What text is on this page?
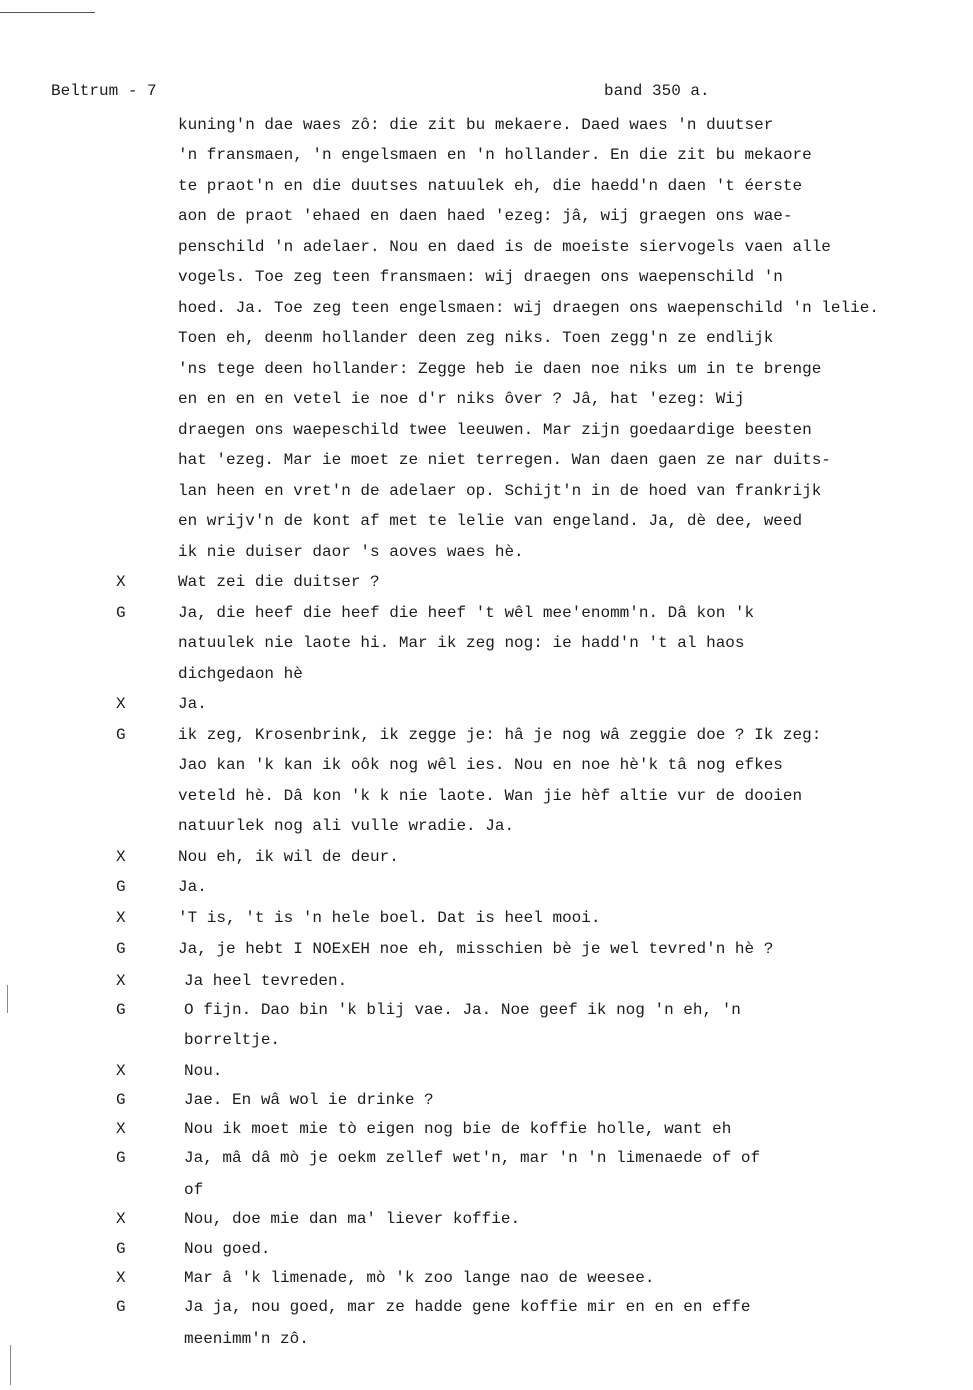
Beltrum - 7	band 350 a.
kuning'n dae waes zô: die zit bu mekaere. Daed waes 'n duutser
'n fransmaen, 'n engelsmaen en 'n hollander. En die zit bu mekaore
te praot'n en die duutses natuulek eh, die haedd'n daen 't éerste
aon de praot 'ehaed en daen haed 'ezeg: jâ, wij graegen ons wae-
penschild 'n adelaer. Nou en daed is de moeiste siervogels vaen alle
vogels. Toe zeg teen fransmaen: wij draegen ons waepenschild 'n
hoed. Ja. Toe zeg teen engelsmaen: wij draegen ons waepenschild 'n lelie.
Toen eh, deenm hollander deen zeg niks. Toen zegg'n ze endlijk
'ns tege deen hollander: Zegge heb ie daen noe niks um in te brenge
en en en en vetel ie noe d'r niks ôver ? Jâ, hat 'ezeg: Wij
draegen ons waepeschild twee leeuwen. Mar zijn goedaardige beesten
hat 'ezeg. Mar ie moet ze niet terregen. Wan daen gaen ze nar duits-
lan heen en vret'n de adelaer op. Schijt'n in de hoed van frankrijk
en wrijv'n de kont af met te lelie van engeland. Ja, dè dee, weed
ik nie duiser daor 's aoves waes hè.
X	Wat zei die duitser ?
G	Ja, die heef die heef die heef 't wêl mee'enomm'n. Dâ kon 'k
natuulek nie laote hi. Mar ik zeg nog: ie hadd'n 't al haos
dichgedaon hè
X	Ja.
G	ik zeg, Krosenbrink, ik zegge je: hâ je nog wâ zeggie doe ? Ik zeg:
Jao kan 'k kan ik oôk nog wêl ies. Nou en noe hè'k tâ nog efkes
veteld hè. Dâ kon 'k k nie laote. Wan jie hèf altie vur de dooien
natuurlek nog ali vulle wradie. Ja.
X	Nou eh, ik wil de deur.
G	Ja.
X	'T is, 't is 'n hele boel. Dat is heel mooi.
G	Ja, je hebt I NOExEH noe eh, misschien bè je wel tevred'n hè ?
X	Ja heel tevreden.
G	O fijn. Dao bin 'k blij vae. Ja. Noe geef ik nog 'n eh, 'n
borreltje.
X	Nou.
G	Jae. En wâ wol ie drinke ?
X	Nou ik moet mie tò eigen nog bie de koffie holle, want eh
G	Ja, mâ dâ mò je oekm zellef wet'n, mar 'n 'n limenaede of of
of
X	Nou, doe mie dan ma' liever koffie.
G	Nou goed.
X	Mar â 'k limenade, mò 'k zoo lange nao de weesee.
G	Ja ja, nou goed, mar ze hadde gene koffie mir en en en effe
meenimm'n zô.
